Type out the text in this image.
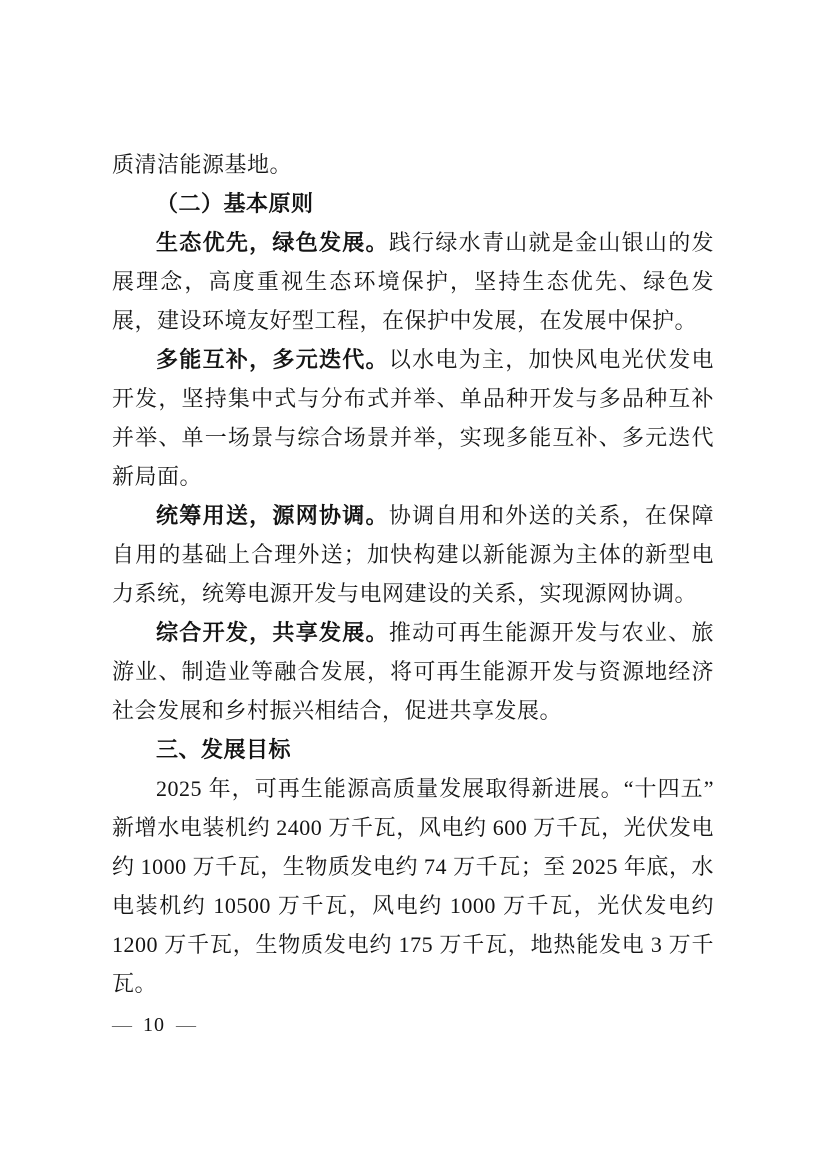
质清洁能源基地。

（二）基本原则

生态优先，绿色发展。践行绿水青山就是金山银山的发展理念，高度重视生态环境保护，坚持生态优先、绿色发展，建设环境友好型工程，在保护中发展，在发展中保护。

多能互补，多元迭代。以水电为主，加快风电光伏发电开发，坚持集中式与分布式并举、单品种开发与多品种互补并举、单一场景与综合场景并举，实现多能互补、多元迭代新局面。

统筹用送，源网协调。协调自用和外送的关系，在保障自用的基础上合理外送；加快构建以新能源为主体的新型电力系统，统筹电源开发与电网建设的关系，实现源网协调。

综合开发，共享发展。推动可再生能源开发与农业、旅游业、制造业等融合发展，将可再生能源开发与资源地经济社会发展和乡村振兴相结合，促进共享发展。

三、发展目标

2025 年，可再生能源高质量发展取得新进展。“十四五”新增水电装机约 2400 万千瓦，风电约 600 万千瓦，光伏发电约 1000 万千瓦，生物质发电约 74 万千瓦；至 2025 年底，水电装机约 10500 万千瓦，风电约 1000 万千瓦，光伏发电约 1200 万千瓦，生物质发电约 175 万千瓦，地热能发电 3 万千瓦。

— 10 —
